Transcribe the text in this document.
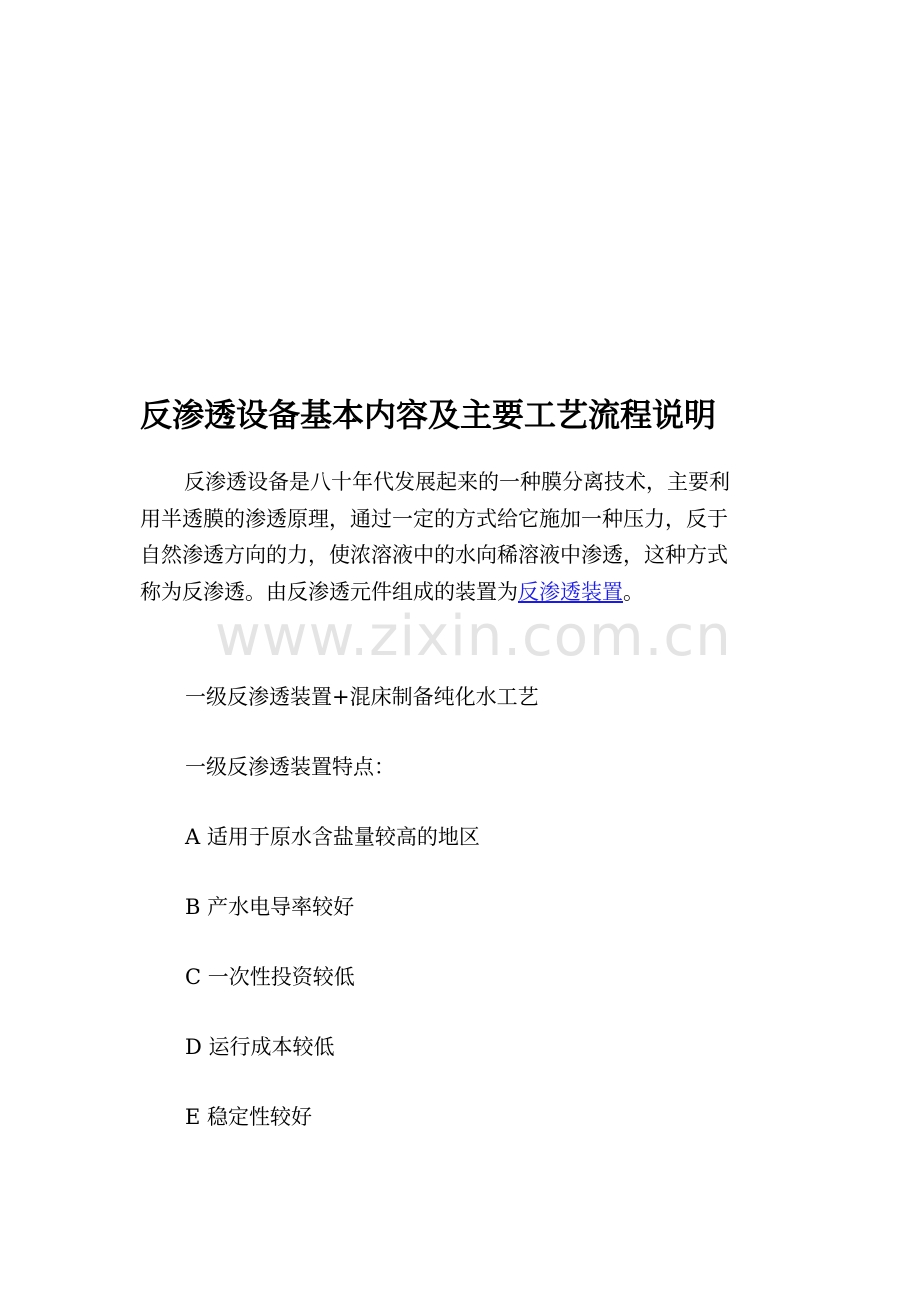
www.zixin.com.cn
反渗透设备基本内容及主要工艺流程说明
反渗透设备是八十年代发展起来的一种膜分离技术，主要利
用半透膜的渗透原理，通过一定的方式给它施加一种压力，反于
自然渗透方向的力，使浓溶液中的水向稀溶液中渗透，这种方式
称为反渗透。由反渗透元件组成的装置为反渗透装置。
一级反渗透装置+混床制备纯化水工艺
一级反渗透装置特点：
A 适用于原水含盐量较高的地区
B 产水电导率较好
C 一次性投资较低
D 运行成本较低
E 稳定性较好
